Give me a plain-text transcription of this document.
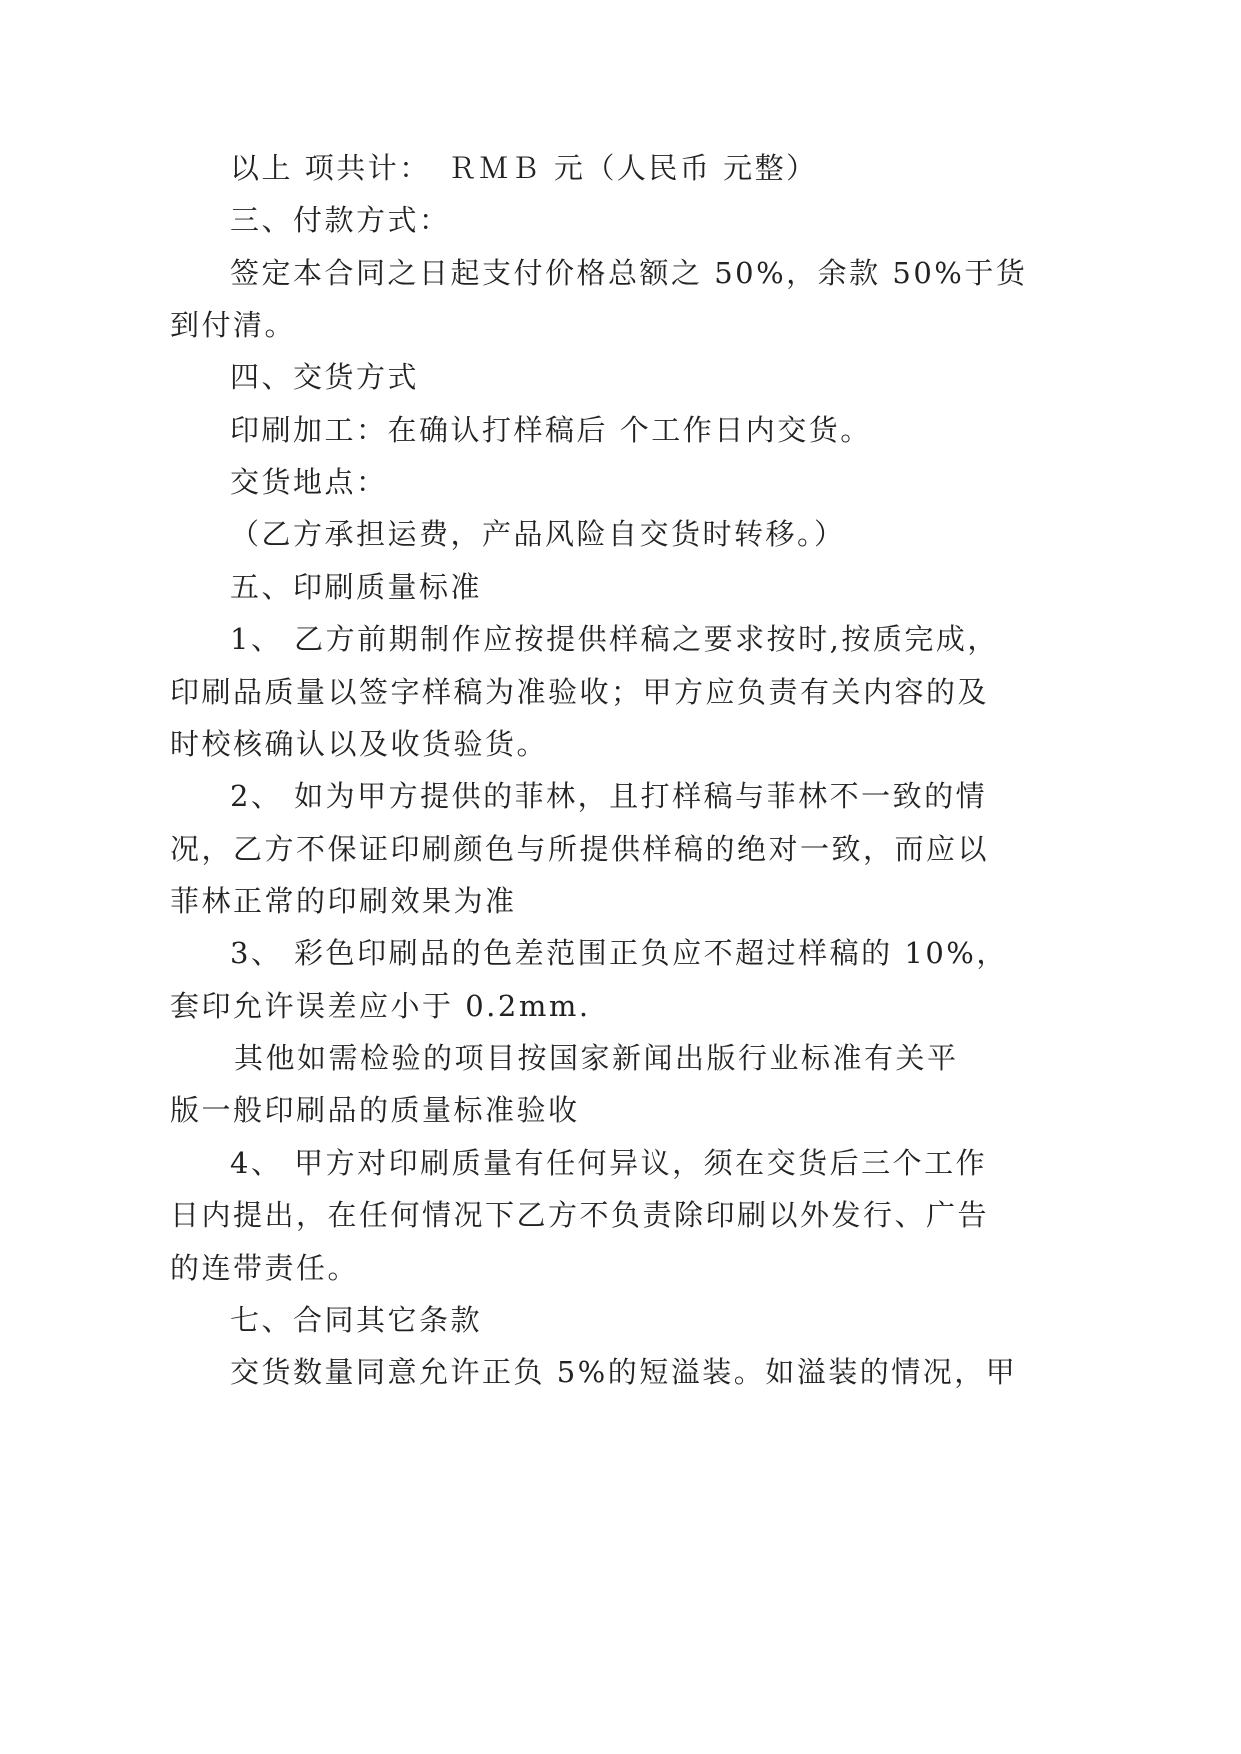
以上 项共计：　ＲＭＢ 元（人民币 元整）
三、付款方式：
签定本合同之日起支付价格总额之 50%，余款 50%于货
到付清。
四、交货方式
印刷加工：在确认打样稿后 个工作日内交货。
交货地点：
（乙方承担运费，产品风险自交货时转移。）
五、印刷质量标准
1、 乙方前期制作应按提供样稿之要求按时,按质完成，
印刷品质量以签字样稿为准验收；甲方应负责有关内容的及
时校核确认以及收货验货。
2、 如为甲方提供的菲林，且打样稿与菲林不一致的情
况，乙方不保证印刷颜色与所提供样稿的绝对一致，而应以
菲林正常的印刷效果为准
3、 彩色印刷品的色差范围正负应不超过样稿的 10%，
套印允许误差应小于 0.2mm.
其他如需检验的项目按国家新闻出版行业标准有关平
版一般印刷品的质量标准验收
4、 甲方对印刷质量有任何异议，须在交货后三个工作
日内提出，在任何情况下乙方不负责除印刷以外发行、广告
的连带责任。
七、合同其它条款
交货数量同意允许正负 5%的短溢装。如溢装的情况，甲
